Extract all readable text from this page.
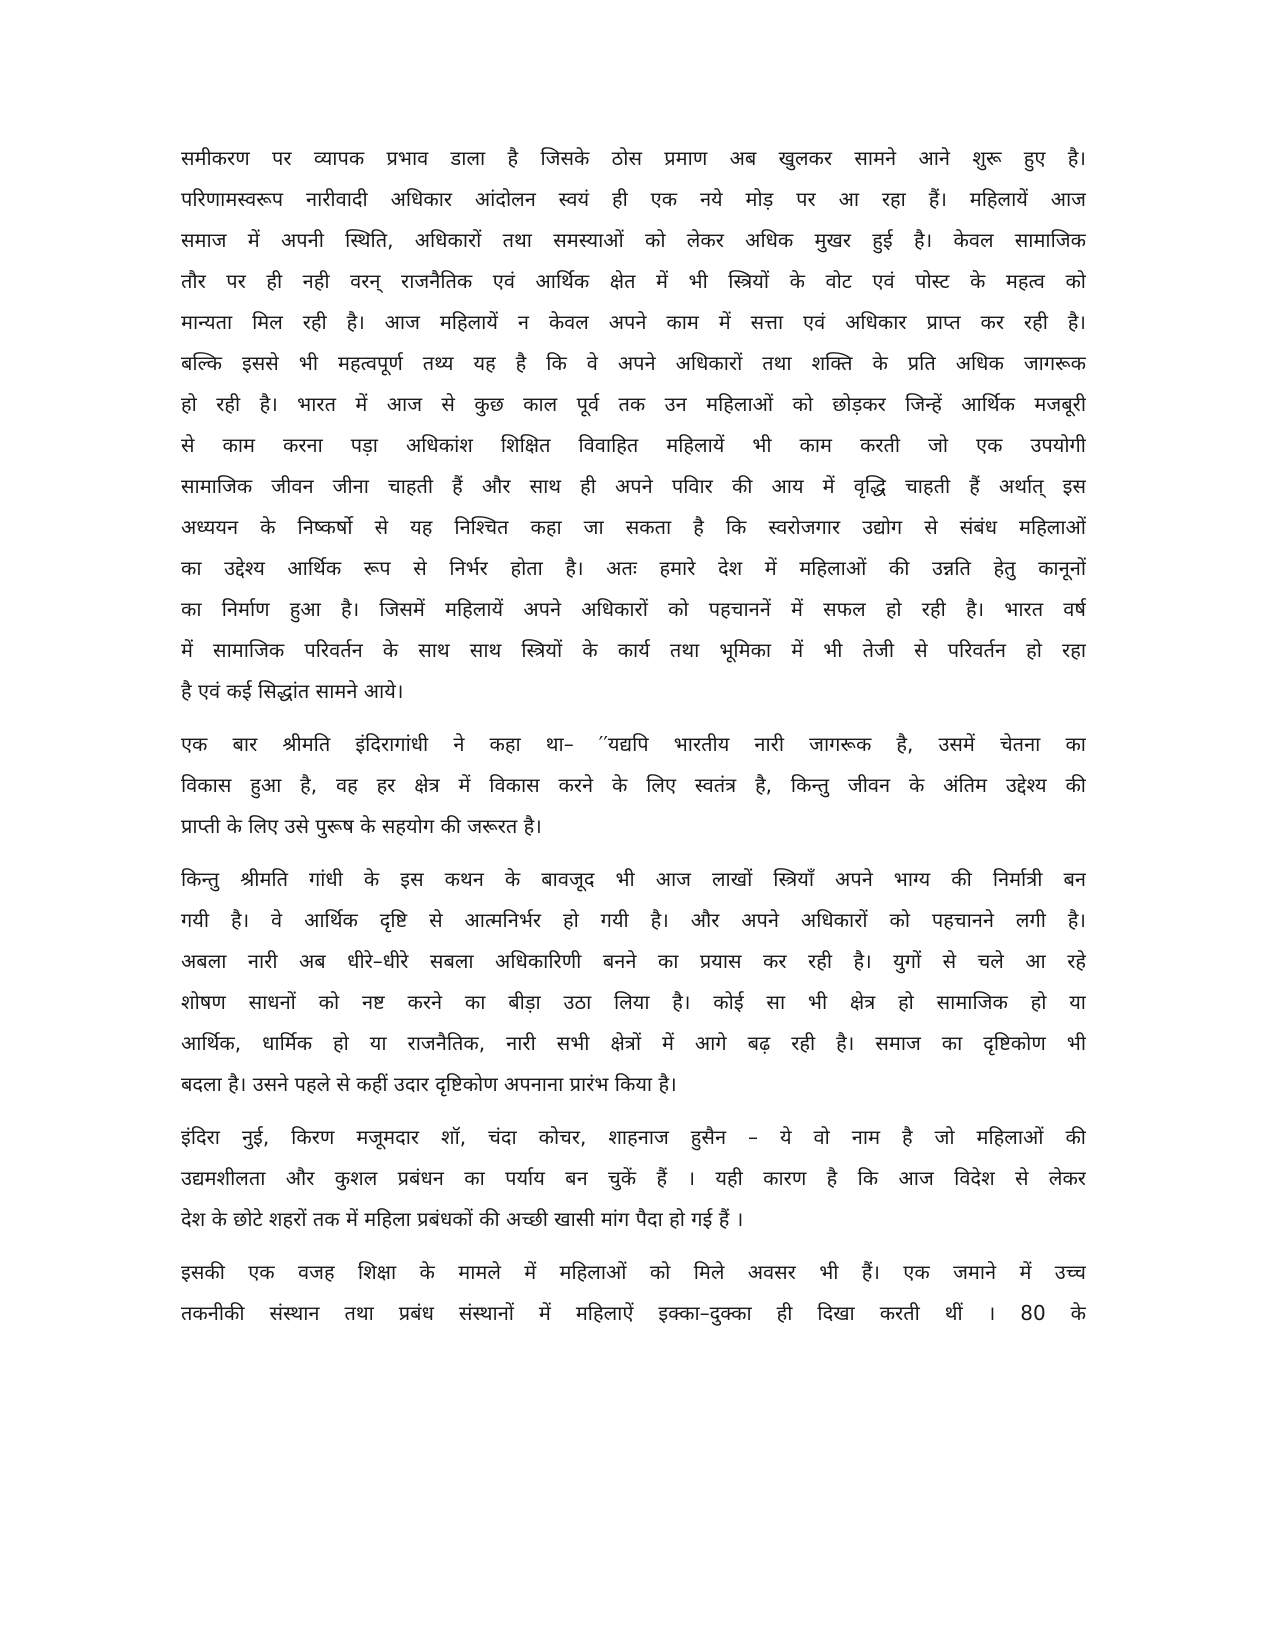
समीकरण पर व्यापक प्रभाव डाला है जिसके ठोस प्रमाण अब खुलकर सामने आने शुरू हुए है।
परिणामस्वरूप नारीवादी अधिकार आंदोलन स्वयं ही एक नये मोड़ पर आ रहा हैं। महिलायें आज
समाज में अपनी स्थिति, अधिकारों तथा समस्याओं को लेकर अधिक मुखर हुई है। केवल सामाजिक
तौर पर ही नही वरन् राजनैतिक एवं आर्थिक क्षेत में भी स्त्रियों के वोट एवं पोस्ट के महत्व को
मान्यता मिल रही है। आज महिलायें न केवल अपने काम में सत्ता एवं अधिकार प्राप्त कर रही है।
बल्कि इससे भी महत्वपूर्ण तथ्य यह है कि वे अपने अधिकारों तथा शक्ति के प्रति अधिक जागरूक
हो रही है। भारत में आज से कुछ काल पूर्व तक उन महिलाओं को छोड़कर जिन्हें आर्थिक मजबूरी
से काम करना पड़ा अधिकांश शिक्षित विवाहित महिलायें भी काम करती जो एक उपयोगी
सामाजिक जीवन जीना चाहती हैं और साथ ही अपने पविार की आय में वृद्धि चाहती हैं अर्थात् इस
अध्ययन के निष्कर्षो से यह निश्चित कहा जा सकता है कि स्वरोजगार उद्योग से संबंध महिलाओं
का उद्देश्य आर्थिक रूप से निर्भर होता है। अतः हमारे देश में महिलाओं की उन्नति हेतु कानूनों
का निर्माण हुआ है। जिसमें महिलायें अपने अधिकारों को पहचाननें में सफल हो रही है। भारत वर्ष
में सामाजिक परिवर्तन के साथ साथ स्त्रियों के कार्य तथा भूमिका में भी तेजी से परिवर्तन हो रहा
है एवं कई सिद्धांत सामने आये।

एक बार श्रीमति इंदिरागांधी ने कहा था– ′′यद्यपि भारतीय नारी जागरूक है, उसमें चेतना का
विकास हुआ है, वह हर क्षेत्र में विकास करने के लिए स्वतंत्र है, किन्तु जीवन के अंतिम उद्देश्य की
प्राप्ती के लिए उसे पुरूष के सहयोग की जरूरत है।

किन्तु श्रीमति गांधी के इस कथन के बावजूद भी आज लाखों स्त्रियाँ अपने भाग्य की निर्मात्री बन
गयी है। वे आर्थिक दृष्टि से आत्मनिर्भर हो गयी है। और अपने अधिकारों को पहचानने लगी है।
अबला नारी अब धीरे–धीरे सबला अधिकारिणी बनने का प्रयास कर रही है। युगों से चले आ रहे
शोषण साधनों को नष्ट करने का बीड़ा उठा लिया है। कोई सा भी क्षेत्र हो सामाजिक हो या
आर्थिक, धार्मिक हो या राजनैतिक, नारी सभी क्षेत्रों में आगे बढ़ रही है। समाज का दृष्टिकोण भी
बदला है। उसने पहले से कहीं उदार दृष्टिकोण अपनाना प्रारंभ किया है।

इंदिरा नुई, किरण मजूमदार शॉ, चंदा कोचर, शाहनाज हुसैन – ये वो नाम है जो महिलाओं की
उद्यमशीलता और कुशल प्रबंधन का पर्याय बन चुकें हैं । यही कारण है कि आज विदेश से लेकर
देश के छोटे शहरों तक में महिला प्रबंधकों की अच्छी खासी मांग पैदा हो गई हैं ।

इसकी एक वजह शिक्षा के मामले में महिलाओं को मिले अवसर भी हैं। एक जमाने में उच्च
तकनीकी संस्थान तथा प्रबंध संस्थानों में महिलाऐं इक्का–दुक्का ही दिखा करती थीं । 80 के
